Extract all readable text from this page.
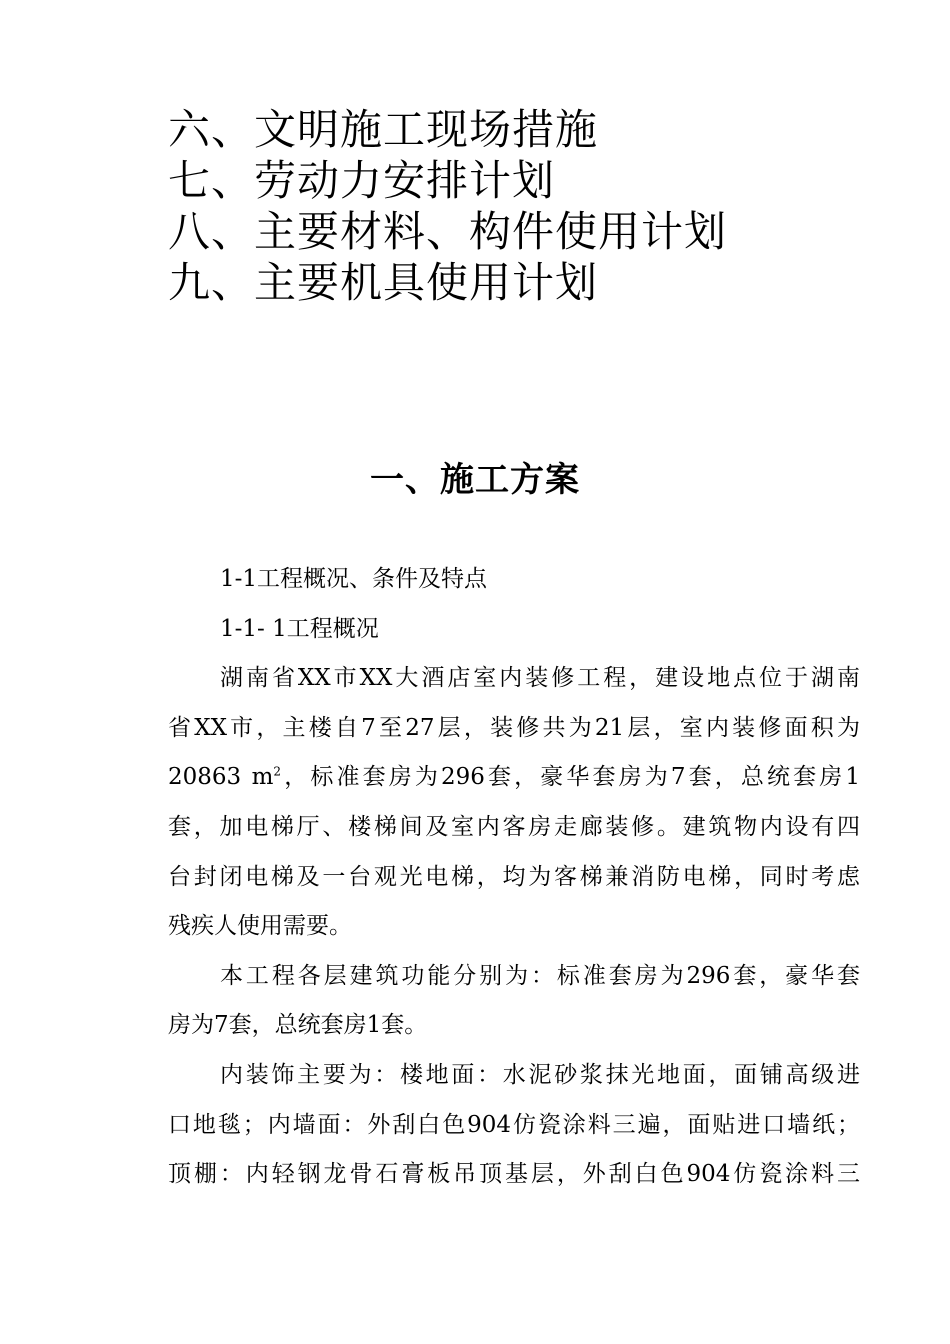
六、文明施工现场措施
七、劳动力安排计划
八、主要材料、构件使用计划
九、主要机具使用计划
一、施工方案
1-1工程概况、条件及特点
1-1- 1工程概况
湖南省XX市XX大酒店室内装修工程，建设地点位于湖南
省XX市，主楼自7至27层，装修共为21层，室内装修面积为
20863 $m^2$，标准套房为296套，豪华套房为7套，总统套房1
套，加电梯厅、楼梯间及室内客房走廊装修。建筑物内设有四
台封闭电梯及一台观光电梯，均为客梯兼消防电梯，同时考虑
残疾人使用需要。
本工程各层建筑功能分别为：标准套房为296套，豪华套
房为7套，总统套房1套。
内装饰主要为：楼地面：水泥砂浆抹光地面，面铺高级进
口地毯；内墙面：外刮白色904仿瓷涂料三遍，面贴进口墙纸；
顶棚：内轻钢龙骨石膏板吊顶基层，外刮白色904仿瓷涂料三
